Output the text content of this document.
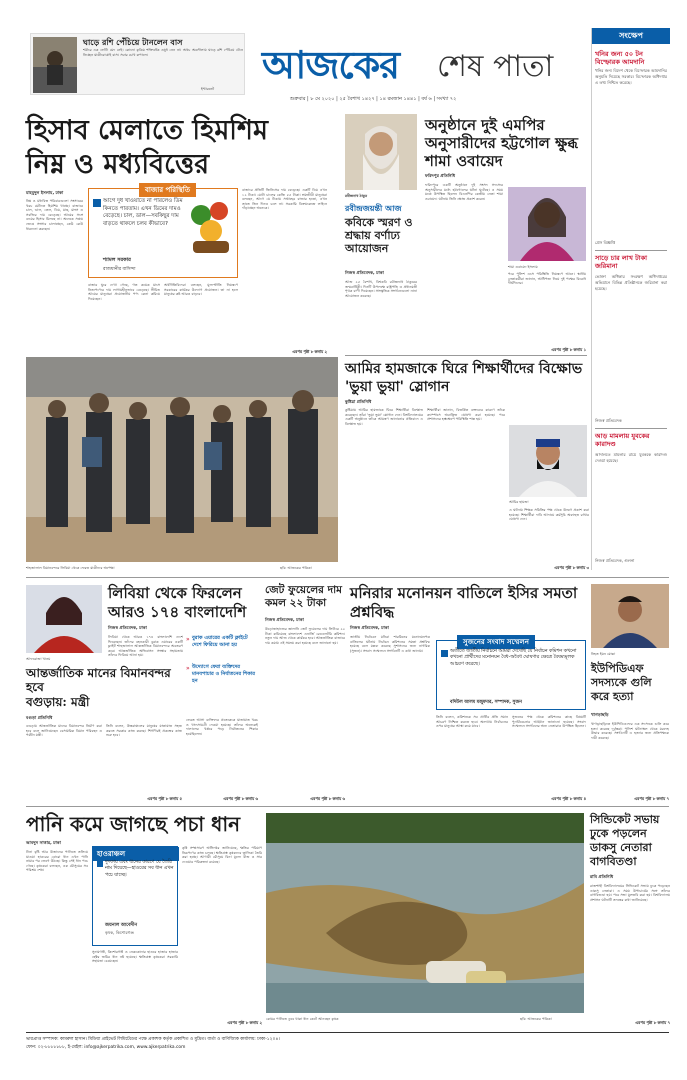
ঘাড়ে রশি পেঁচিয়ে টানলেন বাস
শরীরে এক ফোঁটা মেদ নেই। কোনো কৃত্রিম শক্তিবর্ধক ওষুধ নেন না। অথচ অবলীলায় ঘাড়ে রশি পেঁচিয়ে টেনে নিচ্ছেন যাত্রীবোঝাই বাস। সবার চোখ কপালে।
ইন্টারনেট
আজকের শেষ পাতা
শুক্রবার | ৮ মে ২০২০ | ২৫ বৈশাখ ১৪২৭ | ১৪ রমজান ১৪৪১ | বর্ষ ৬ | সংখ্যা ৭২
সংক্ষেপ
খনির জন্য ৫০ টন বিস্ফোরক আমদানি
খনির জন্য বিদেশ থেকে বিস্ফোরক আমদানির অনুমতি দিয়েছে সরকার। বিস্ফোরক অধিদপ্তর এ তথ্য নিশ্চিত করেছে।
প্রেস বিজ্ঞপ্তি
সাড়ে চার লাখ টাকা জরিমানা
ভোক্তা অধিকার সংরক্ষণ অধিদপ্তরের অভিযানে বিভিন্ন প্রতিষ্ঠানকে জরিমানা করা হয়েছে।
নিজস্ব প্রতিবেদক
আড় মামলায় যুবকের কারাদণ্ড
আদালতে মামলার রায়ে যুবককে কারাদণ্ড দেওয়া হয়েছে।
নিজস্ব প্রতিবেদক, গুলনা
হিসাব মেলাতে হিমশিম
নিম্ন ও মধ্যবিত্তের
মাহমুদুল ইসলাম, ঢাকা
নিম্ন ও মধ্যবিত্ত পরিবারগুলো সংসারের খরচ মেটাতে হিমশিম খাচ্ছে। বাজারে চাল, ডাল, তেল, ডিম, মাছ, মাংস ও সবজির দাম বেড়েছে। আয়ের সঙ্গে ব্যয়ের হিসাব মিলছে না। অনেকে সঞ্চয় ভেঙে সংসার চালাচ্ছেন, কেউ কেউ ধারদেনা করছেন।
বাজার পরিস্থিতি
আগে দুধ খাওয়াতে না পারলেও ডিম কিনতে পারতাম। এখন ডিমের দামও বেড়েছে। চাল, ডাল—সবকিছুর দাম বাড়তে থাকলে চলব কীভাবে?
শ্যামল সরকার
রাজধানীর বাসিন্দা
বাজার ঘুরে দেখা গেছে, গত কয়েক মাসে নিত্যপণ্যের দাম লাগামহীনভাবে বেড়েছে। সীমিত আয়ের মানুষেরা প্রয়োজনীয় পণ্য কেনা কমিয়ে দিয়েছেন।
অর্থনীতিবিদেরা বলছেন, মূল্যস্ফীতি নিয়ন্ত্রণে সরকারের কার্যকর উদ্যোগ প্রয়োজন। তা না হলে মানুষের কষ্ট আরও বাড়বে।
বাজারে প্রতিটি জিনিসের দাম বেড়েছে। একটি ডিম এখন ১২ টাকা। মোটা চালের কেজি ৫৫ টাকা। শ্রমজীবী মানুষেরা বলছেন, আগে যে টাকায় সপ্তাহের বাজার হতো, এখন তাতে তিন দিনও চলে না। সরকারি বিক্রয়কেন্দ্রে লাইনে দাঁড়াচ্ছেন অনেকে।
এরপর পৃষ্ঠা ৮ কলাম ২
শাহজালাল বিমানবন্দরে লিবিয়া থেকে ফেরত যাত্রীদের অপেক্ষা	ছবি: আজকের পত্রিকা
রবীন্দ্রনাথ ঠাকুর
রবীন্দ্রজয়ন্তী আজ
কবিকে স্মরণ ও শ্রদ্ধায় বর্ণাঢ্য আয়োজন
নিজস্ব প্রতিবেদক, ঢাকা
আজ ২৫ বৈশাখ, বিশ্বকবি রবীন্দ্রনাথ ঠাকুরের জন্মবার্ষিকী। দিনটি উপলক্ষে রাষ্ট্রপতি ও প্রধানমন্ত্রী পৃথক বাণী দিয়েছেন। সাংস্কৃতিক সংগঠনগুলো নানা আয়োজন করেছে।
অনুষ্ঠানে দুই এমপির অনুসারীদের হট্টগোল ক্ষুব্ধ শামা ওবায়েদ
ফরিদপুর প্রতিনিধি
ফরিদপুরে একটি অনুষ্ঠানে দুই সংসদ সদস্যের অনুসারীদের মধ্যে হট্টগোলের ঘটনা ঘটেছে। এ সময় মঞ্চে উপস্থিত ছিলেন বিএনপির কেন্দ্রীয় নেতা শামা ওবায়েদ। ঘটনায় তিনি ক্ষোভ প্রকাশ করেন।
শামা ওবায়েদ ইসলাম
পরে পুলিশ এসে পরিস্থিতি নিয়ন্ত্রণে আনে। স্থানীয় নেতাকর্মীরা জানান, আধিপত্য নিয়ে দুই পক্ষের বিরোধ দীর্ঘদিনের।
এরপর পৃষ্ঠা ৮ কলাম ১
আমির হামজাকে ঘিরে শিক্ষার্থীদের বিক্ষোভ 'ভুয়া ভুয়া' স্লোগান
কুষ্টিয়া প্রতিনিধি
কুষ্টিয়ায় আমির হামজাকে ঘিরে শিক্ষার্থীরা বিক্ষোভ করেছেন। তাঁরা 'ভুয়া ভুয়া' স্লোগান দেন। বিশ্ববিদ্যালয়ের একটি অনুষ্ঠানে তাঁকে আমন্ত্রণ জানানোর প্রতিবাদে এ বিক্ষোভ হয়।
শিক্ষার্থীরা জানান, বিতর্কিত বক্তব্যের কারণে তাঁকে ক্যাম্পাসে অবাঞ্ছিত ঘোষণা করা হয়েছে। পরে প্রশাসনের হস্তক্ষেপে পরিস্থিতি শান্ত হয়।
আমির হামজা
এ ঘটনায় শিক্ষক সমিতির পক্ষ থেকে উদ্বেগ প্রকাশ করা হয়েছে। শিক্ষার্থীরা দাবি আদায়ে কর্মসূচি অব্যাহত রাখার ঘোষণা দেন।
এরপর পৃষ্ঠা ৮ কলাম ৩
আফরোজা খানম
আন্তর্জাতিক মানের বিমানবন্দর হবে
বগুড়ায়: মন্ত্রী
বগুড়া প্রতিনিধি
বগুড়ায় আন্তর্জাতিক মানের বিমানবন্দর নির্মাণ করা হবে বলে জানিয়েছেন বেসামরিক বিমান পরিবহন ও পর্যটন মন্ত্রী।
তিনি বলেন, উত্তরাঞ্চলের মানুষের যাতায়াত সহজ করতে সরকার কাজ করছে। শিগগিরই প্রকল্পের কাজ শুরু হবে।
এরপর পৃষ্ঠা ৮ কলাম ৫
লিবিয়া থেকে ফিরলেন আরও ১৭৪ বাংলাদেশি
নিজস্ব প্রতিবেদক, ঢাকা
লিবিয়া থেকে আরও ১৭৪ বাংলাদেশি দেশে ফিরেছেন। তাঁদের বহনকারী বুরাক এয়ারের একটি ফ্লাইট শাহজালাল আন্তর্জাতিক বিমানবন্দরে অবতরণ করে। আন্তর্জাতিক অভিবাসন সংস্থার সহায়তায় তাঁদের ফিরিয়ে আনা হয়।
» বুরাক এয়ারের একটি ফ্লাইটে দেশে ফিরিয়ে আনা হয়
» উদ্যোগে ফেরা ব্যক্তিদের মানবপাচার ও নির্যাতনের শিকার হন
ফেরত আসা ব্যক্তিদের প্রত্যেককে যাতায়াত খরচ ও খাদ্যসামগ্রী দেওয়া হয়েছে। তাঁদের অনেকেই দালালের খপ্পরে পড়ে নির্যাতনের শিকার হয়েছিলেন।
এরপর পৃষ্ঠা ৮ কলাম ৬
জেট ফুয়েলের দাম কমল ২২ টাকা
নিজস্ব প্রতিবেদক, ঢাকা
উড়োজাহাজের জ্বালানি জেট ফুয়েলের দাম লিটারে ২২ টাকা কমিয়েছে বাংলাদেশ এনার্জি রেগুলেটরি কমিশন। নতুন দাম আজ থেকে কার্যকর হবে। আন্তর্জাতিক বাজারে দাম কমায় এই সমন্বয় করা হয়েছে বলে জানানো হয়।
এরপর পৃষ্ঠা ৮ কলাম ৬
মনিরার মনোনয়ন বাতিলে ইসির সমতা প্রশ্নবিদ্ধ
নিজস্ব প্রতিবেদক, ঢাকা
জাতীয় নির্বাচনে মনিরা শারমিনের মনোনয়নপত্র বাতিলের ঘটনায় নির্বাচন কমিশনের সমতা প্রশ্নবিদ্ধ হয়েছে বলে মন্তব্য করেছে সুশাসনের জন্য নাগরিক (সুজন)। সংবাদ সম্মেলনে সংগঠনটি এ কথা জানায়।
সুজনের সংবাদ সম্মেলন
অতীতে জাতীয় নির্বাচনে আমরা দেখেছি যে নির্বাচন কমিশন কখনো কখনো প্রার্থীদের মনোনয়ন বৈধ-অবৈধ ঘোষণার ক্ষেত্রে বৈষম্যমূলক আচরণ করেছে।
বদিউল আলম মজুমদার, সম্পাদক, সুজন
তিনি বলেন, কমিশনকে সব প্রার্থীর প্রতি সমান আচরণ নিশ্চিত করতে হবে। অন্যথায় নির্বাচনের ওপর মানুষের আস্থা কমে যাবে।
সুজনের পক্ষ থেকে কমিশনের কাছে বিষয়টি পুনর্বিবেচনার আহ্বান জানানো হয়েছে। সংবাদ সম্মেলনে সংগঠনের অন্য নেতারাও উপস্থিত ছিলেন।
এরপর পৃষ্ঠা ৮ কলাম ৪
নিহত ইমন মোল্লা
ইউপিডিএফ সদস্যকে গুলি করে হত্যা
খাগড়াছড়ি
খাগড়াছড়িতে ইউপিডিএফের এক সদস্যকে গুলি করে হত্যা করেছে দুর্বৃত্তরা। পুলিশ ঘটনাস্থল থেকে মরদেহ উদ্ধার করেছে। সংগঠনটি এ হত্যার জন্য প্রতিপক্ষকে দায়ী করেছে।
এরপর পৃষ্ঠা ৮ কলাম ৭
পানি কমে জাগছে পচা ধান
আবদুস সাত্তার, ঢাকা
টানা বৃষ্টি আর উজানের পানিতে তলিয়ে যাওয়া হাওরের বোরো ধান এখন পানি নামার পর জেগে উঠছে। কিন্তু সেই ধান পচে গেছে। কৃষকেরা বলছেন, এক মৌসুমের সব পরিশ্রম শেষ।
হাওরাঞ্চল
দুদফায় এবং ধানের কারণে যে তৈরি নাম দিয়েছে—হাওরের সব ধান এখন পচে যাচ্ছে।
জয়নাল আবেদীন
কৃষক, কিশোরগঞ্জ
সুনামগঞ্জ, কিশোরগঞ্জ ও নেত্রকোনার হাওরে হাজার হাজার হেক্টর জমির ধান নষ্ট হয়েছে। ক্ষতিগ্রস্ত কৃষকেরা সরকারি সহায়তা চেয়েছেন।
কৃষি সম্প্রসারণ অধিদপ্তর জানিয়েছে, ক্ষতির পরিমাণ নিরূপণের কাজ চলছে। ক্ষতিগ্রস্ত কৃষকদের তালিকা তৈরি করা হচ্ছে। আগামী মৌসুমে বিনা মূল্যে বীজ ও সার দেওয়ার পরিকল্পনা রয়েছে।
এরপর পৃষ্ঠা ৮ কলাম ২
কোমর পানিতে ডুবে থাকা ধান কেটে আনছেন কৃষক	ছবি: আজকের পত্রিকা
সিন্ডিকেট সভায় ঢুকে পড়লেন ডাকসু নেতারা বাগবিতণ্ডা
রাবি প্রতিনিধি
রাজশাহী বিশ্ববিদ্যালয়ের সিন্ডিকেট সভায় ঢুকে পড়েছেন ডাকসু নেতারা। এ সময় উপাচার্যের সঙ্গে তাঁদের বাগবিতণ্ডা হয়। পরে সভা মুলতবি করা হয়। বিশ্ববিদ্যালয় প্রশাসন ঘটনাটি তদন্তের কথা জানিয়েছে।
এরপর পৃষ্ঠা ৮ কলাম ৭
ভারপ্রাপ্ত সম্পাদক: কামরুল হাসান। মিডিয়া প্রাইভেট লিমিটেডের পক্ষে প্রকাশক কর্তৃক প্রকাশিত ও মুদ্রিত। বার্তা ও বাণিজ্যিক কার্যালয়: ঢাকা-১২০৪।
ফোন: ০২-৮৮৮৮৮৮৮, ই-মেইল: info@ajkerpatrika.com, www.ajkerpatrika.com
